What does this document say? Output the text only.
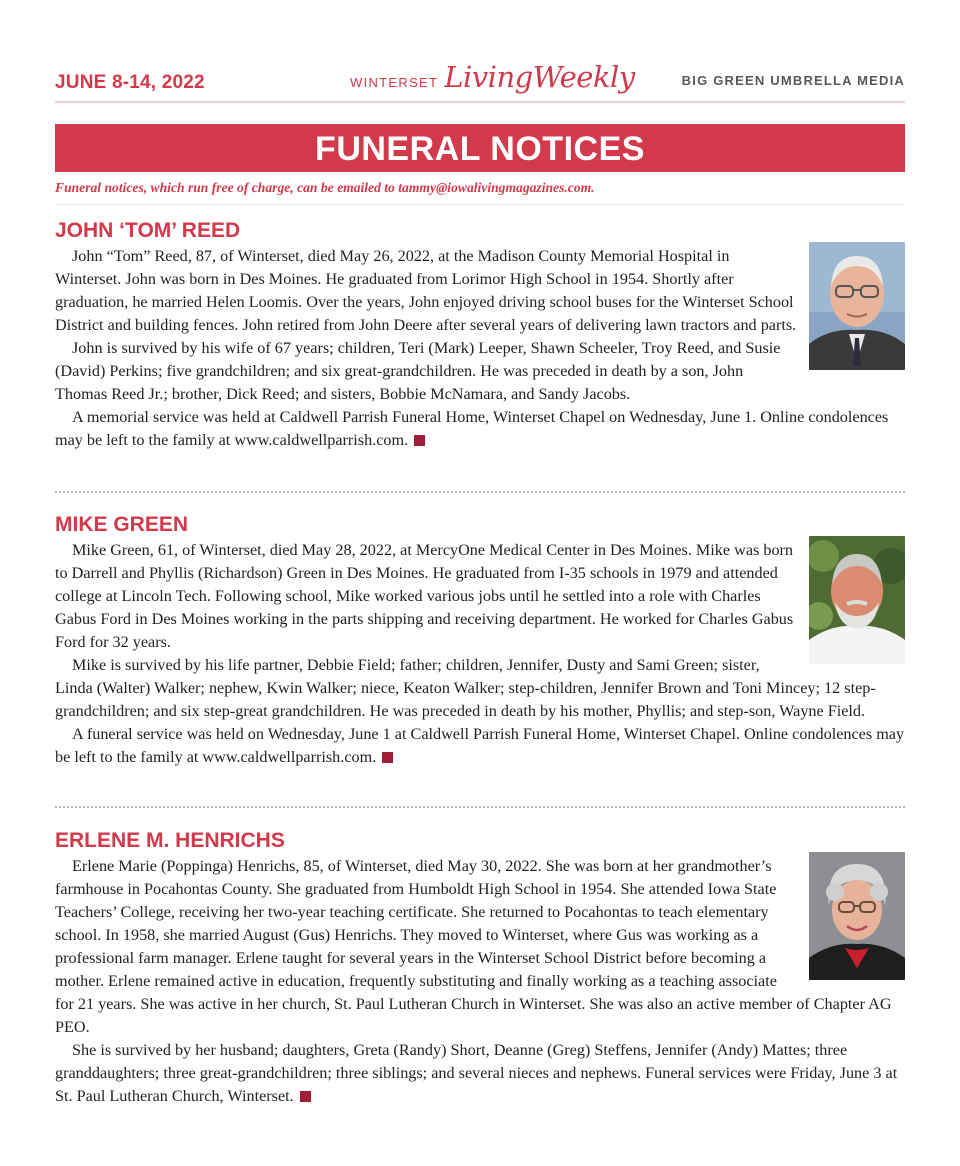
JUNE 8-14, 2022	WINTERSET LivingWeekly	BIG GREEN UMBRELLA MEDIA
FUNERAL NOTICES
Funeral notices, which run free of charge, can be emailed to tammy@iowalivingmagazines.com.
JOHN ‘TOM’ REED

John “Tom” Reed, 87, of Winterset, died May 26, 2022, at the Madison County Memorial Hospital in Winterset. John was born in Des Moines. He graduated from Lorimor High School in 1954. Shortly after graduation, he married Helen Loomis. Over the years, John enjoyed driving school buses for the Winterset School District and building fences. John retired from John Deere after several years of delivering lawn tractors and parts.

John is survived by his wife of 67 years; children, Teri (Mark) Leeper, Shawn Scheeler, Troy Reed, and Susie (David) Perkins; five grandchildren; and six great-grandchildren. He was preceded in death by a son, John Thomas Reed Jr.; brother, Dick Reed; and sisters, Bobbie McNamara, and Sandy Jacobs.

A memorial service was held at Caldwell Parrish Funeral Home, Winterset Chapel on Wednesday, June 1. Online condolences may be left to the family at www.caldwellparrish.com.

MIKE GREEN

Mike Green, 61, of Winterset, died May 28, 2022, at MercyOne Medical Center in Des Moines. Mike was born to Darrell and Phyllis (Richardson) Green in Des Moines. He graduated from I-35 schools in 1979 and attended college at Lincoln Tech. Following school, Mike worked various jobs until he settled into a role with Charles Gabus Ford in Des Moines working in the parts shipping and receiving department. He worked for Charles Gabus Ford for 32 years.

Mike is survived by his life partner, Debbie Field; father; children, Jennifer, Dusty and Sami Green; sister, Linda (Walter) Walker; nephew, Kwin Walker; niece, Keaton Walker; step-children, Jennifer Brown and Toni Mincey; 12 step-grandchildren; and six step-great grandchildren. He was preceded in death by his mother, Phyllis; and step-son, Wayne Field.

A funeral service was held on Wednesday, June 1 at Caldwell Parrish Funeral Home, Winterset Chapel. Online condolences may be left to the family at www.caldwellparrish.com.

ERLENE M. HENRICHS

Erlene Marie (Poppinga) Henrichs, 85, of Winterset, died May 30, 2022. She was born at her grandmother’s farmhouse in Pocahontas County. She graduated from Humboldt High School in 1954. She attended Iowa State Teachers’ College, receiving her two-year teaching certificate. She returned to Pocahontas to teach elementary school. In 1958, she married August (Gus) Henrichs. They moved to Winterset, where Gus was working as a professional farm manager. Erlene taught for several years in the Winterset School District before becoming a mother. Erlene remained active in education, frequently substituting and finally working as a teaching associate for 21 years. She was active in her church, St. Paul Lutheran Church in Winterset. She was also an active member of Chapter AG PEO.

She is survived by her husband; daughters, Greta (Randy) Short, Deanne (Greg) Steffens, Jennifer (Andy) Mattes; three granddaughters; three great-grandchildren; three siblings; and several nieces and nephews. Funeral services were Friday, June 3 at St. Paul Lutheran Church, Winterset.
